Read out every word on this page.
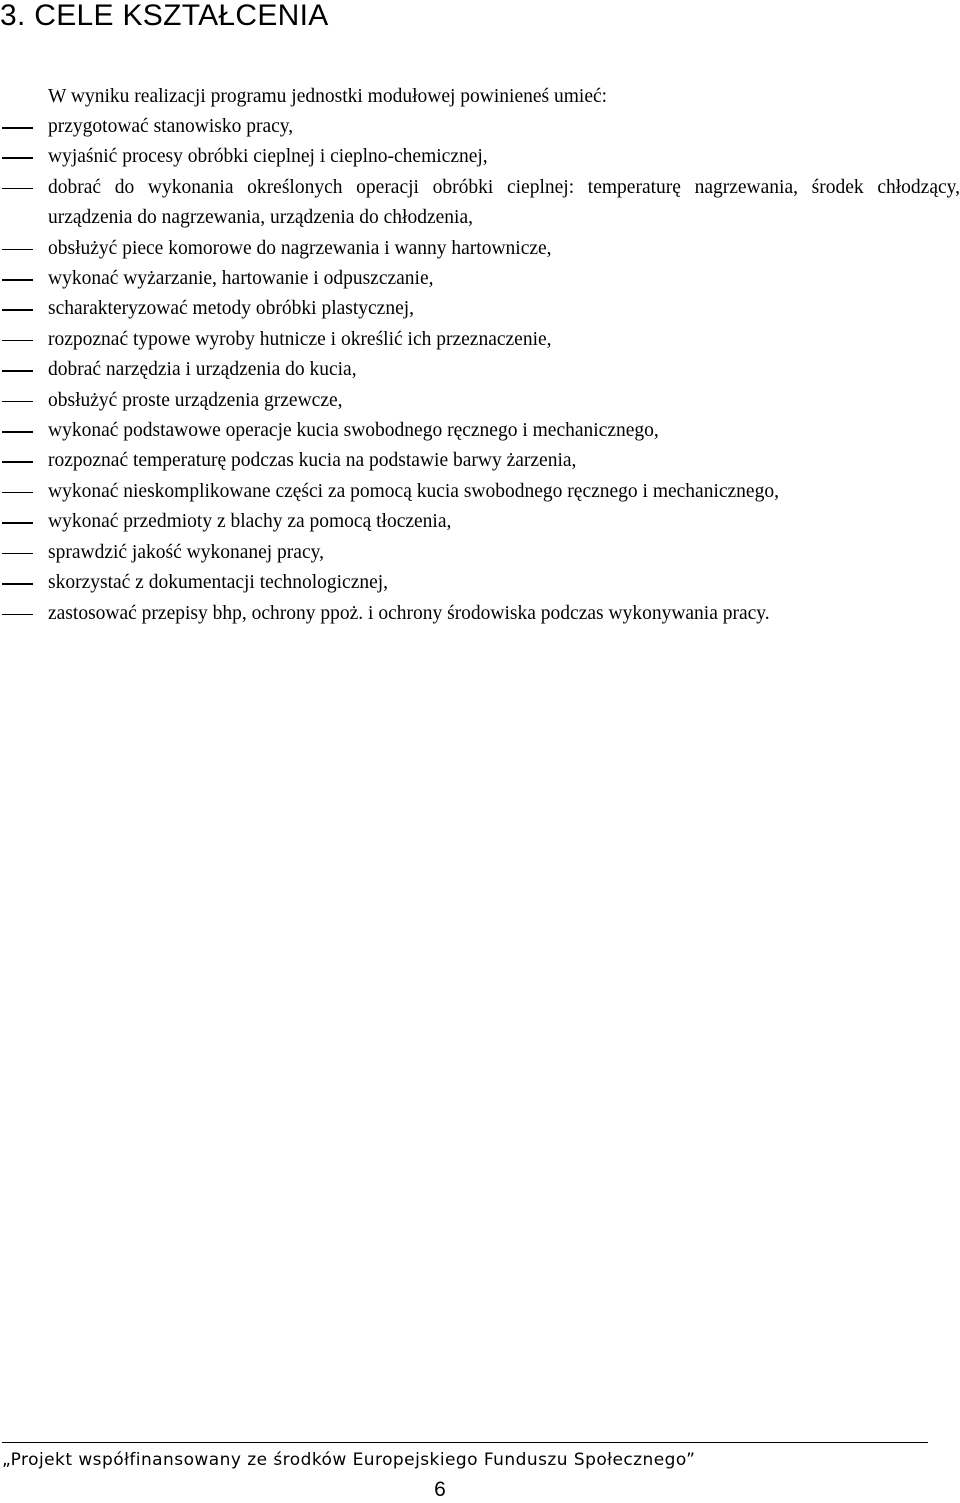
3. CELE KSZTAŁCENIA
W wyniku realizacji programu jednostki modułowej powinieneś umieć:
przygotować stanowisko pracy,
wyjaśnić procesy obróbki cieplnej i cieplno-chemicznej,
dobrać do wykonania określonych operacji obróbki cieplnej: temperaturę nagrzewania, środek chłodzący, urządzenia do nagrzewania, urządzenia do chłodzenia,
obsłużyć piece komorowe do nagrzewania i wanny hartownicze,
wykonać wyżarzanie, hartowanie i odpuszczanie,
scharakteryzować metody obróbki plastycznej,
rozpoznać typowe wyroby hutnicze i określić ich przeznaczenie,
dobrać narzędzia i urządzenia do kucia,
obsłużyć proste urządzenia grzewcze,
wykonać podstawowe operacje kucia swobodnego ręcznego i mechanicznego,
rozpoznać temperaturę podczas kucia na podstawie barwy żarzenia,
wykonać nieskomplikowane części za pomocą kucia swobodnego ręcznego i mechanicznego,
wykonać przedmioty z blachy za pomocą tłoczenia,
sprawdzić jakość wykonanej pracy,
skorzystać z dokumentacji technologicznej,
zastosować przepisy bhp, ochrony ppoż. i ochrony środowiska podczas wykonywania pracy.
„Projekt współfinansowany ze środków Europejskiego Funduszu Społecznego”
6
